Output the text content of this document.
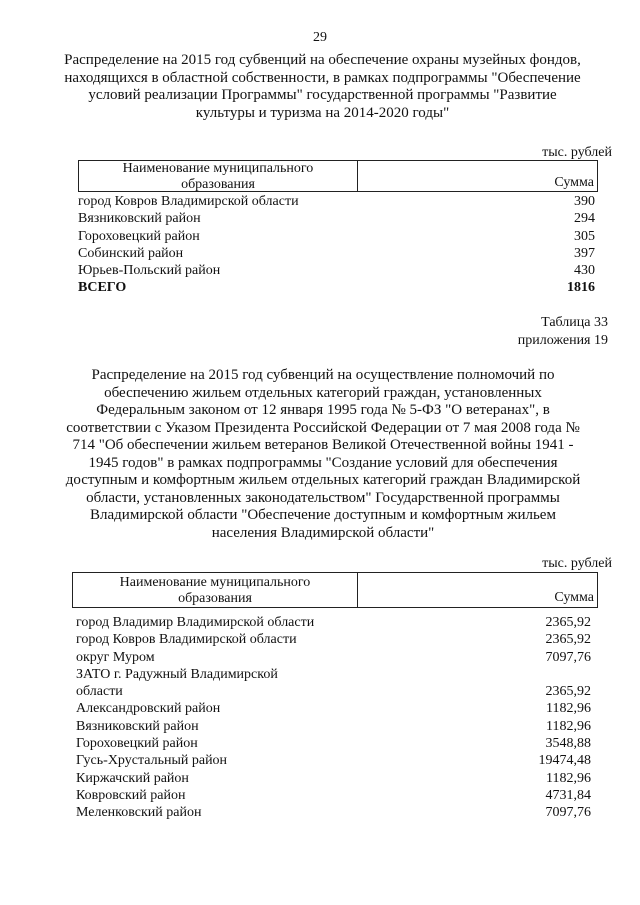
29
Распределение на 2015 год субвенций на обеспечение охраны музейных фондов,
находящихся в областной собственности, в рамках подпрограммы "Обеспечение
условий реализации Программы" государственной программы "Развитие
культуры и туризма на 2014-2020 годы"
тыс. рублей
Наименование муниципального
образования	Сумма
город Ковров Владимирской области	390
Вязниковский район	294
Гороховецкий район	305
Собинский район	397
Юрьев-Польский район	430
ВСЕГО	1816
Таблица 33
приложения 19
Распределение на 2015 год субвенций на осуществление полномочий по
обеспечению жильем отдельных категорий граждан, установленных
Федеральным законом от 12 января 1995 года № 5-ФЗ "О ветеранах", в
соответствии с Указом Президента Российской Федерации от 7 мая 2008 года №
714 "Об обеспечении жильем ветеранов Великой Отечественной войны 1941 -
1945 годов" в рамках подпрограммы "Создание условий для обеспечения
доступным и комфортным жильем отдельных категорий граждан Владимирской
области, установленных законодательством" Государственной программы
Владимирской области "Обеспечение доступным и комфортным жильем
населения Владимирской области"
тыс. рублей
Наименование муниципального
образования	Сумма
город Владимир Владимирской области	2365,92
город Ковров Владимирской области	2365,92
округ Муром	7097,76
ЗАТО г. Радужный Владимирской
области	2365,92
Александровский район	1182,96
Вязниковский район	1182,96
Гороховецкий район	3548,88
Гусь-Хрустальный район	19474,48
Киржачский район	1182,96
Ковровский район	4731,84
Меленковский район	7097,76
